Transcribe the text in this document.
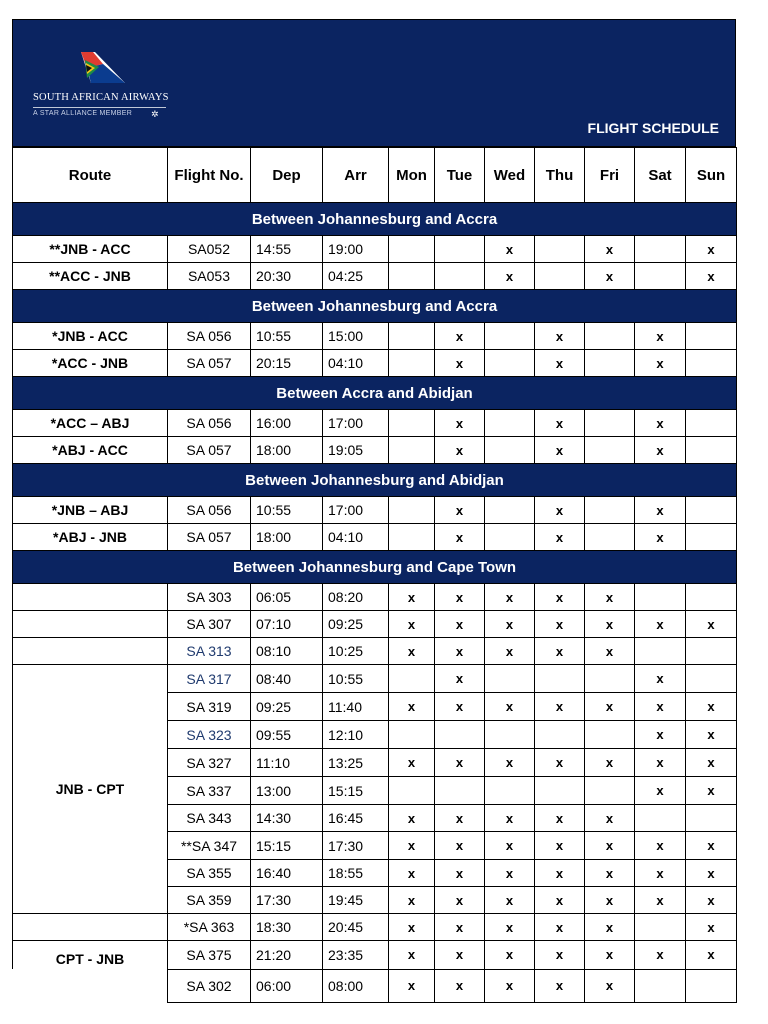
SOUTH AFRICAN AIRWAYS
A STAR ALLIANCE MEMBER ✲
FLIGHT SCHEDULE
Route	Flight No.	Dep	Arr	Mon	Tue	Wed	Thu	Fri	Sat	Sun
Between Johannesburg and Accra										
**JNB - ACC	SA052	14:55	19:00			x		x		x
**ACC - JNB	SA053	20:30	04:25			x		x		x
Between Johannesburg and Accra										
*JNB - ACC	SA 056	10:55	15:00		x		x		x	
*ACC - JNB	SA 057	20:15	04:10		x		x		x	
Between Accra and Abidjan										
*ACC – ABJ	SA 056	16:00	17:00		x		x		x	
*ABJ - ACC	SA 057	18:00	19:05		x		x		x	
Between Johannesburg and Abidjan										
*JNB – ABJ	SA 056	10:55	17:00		x		x		x	
*ABJ - JNB	SA 057	18:00	04:10		x		x		x	
Between Johannesburg and Cape Town										
	SA 303	06:05	08:20	x	x	x	x	x		
	SA 307	07:10	09:25	x	x	x	x	x	x	x
	SA 313	08:10	10:25	x	x	x	x	x		
JNB - CPT	SA 317	08:40	10:55		x				x	
	SA 319	09:25	11:40	x	x	x	x	x	x	x
	SA 323	09:55	12:10						x	x
	SA 327	11:10	13:25	x	x	x	x	x	x	x
	SA 337	13:00	15:15						x	x
	SA 343	14:30	16:45	x	x	x	x	x		
	**SA 347	15:15	17:30	x	x	x	x	x	x	x
	SA 355	16:40	18:55	x	x	x	x	x	x	x
	SA 359	17:30	19:45	x	x	x	x	x	x	x
	*SA 363	18:30	20:45	x	x	x	x	x		x
CPT - JNB	SA 375	21:20	23:35	x	x	x	x	x	x	x
	SA 302	06:00	08:00	x	x	x	x	x		
